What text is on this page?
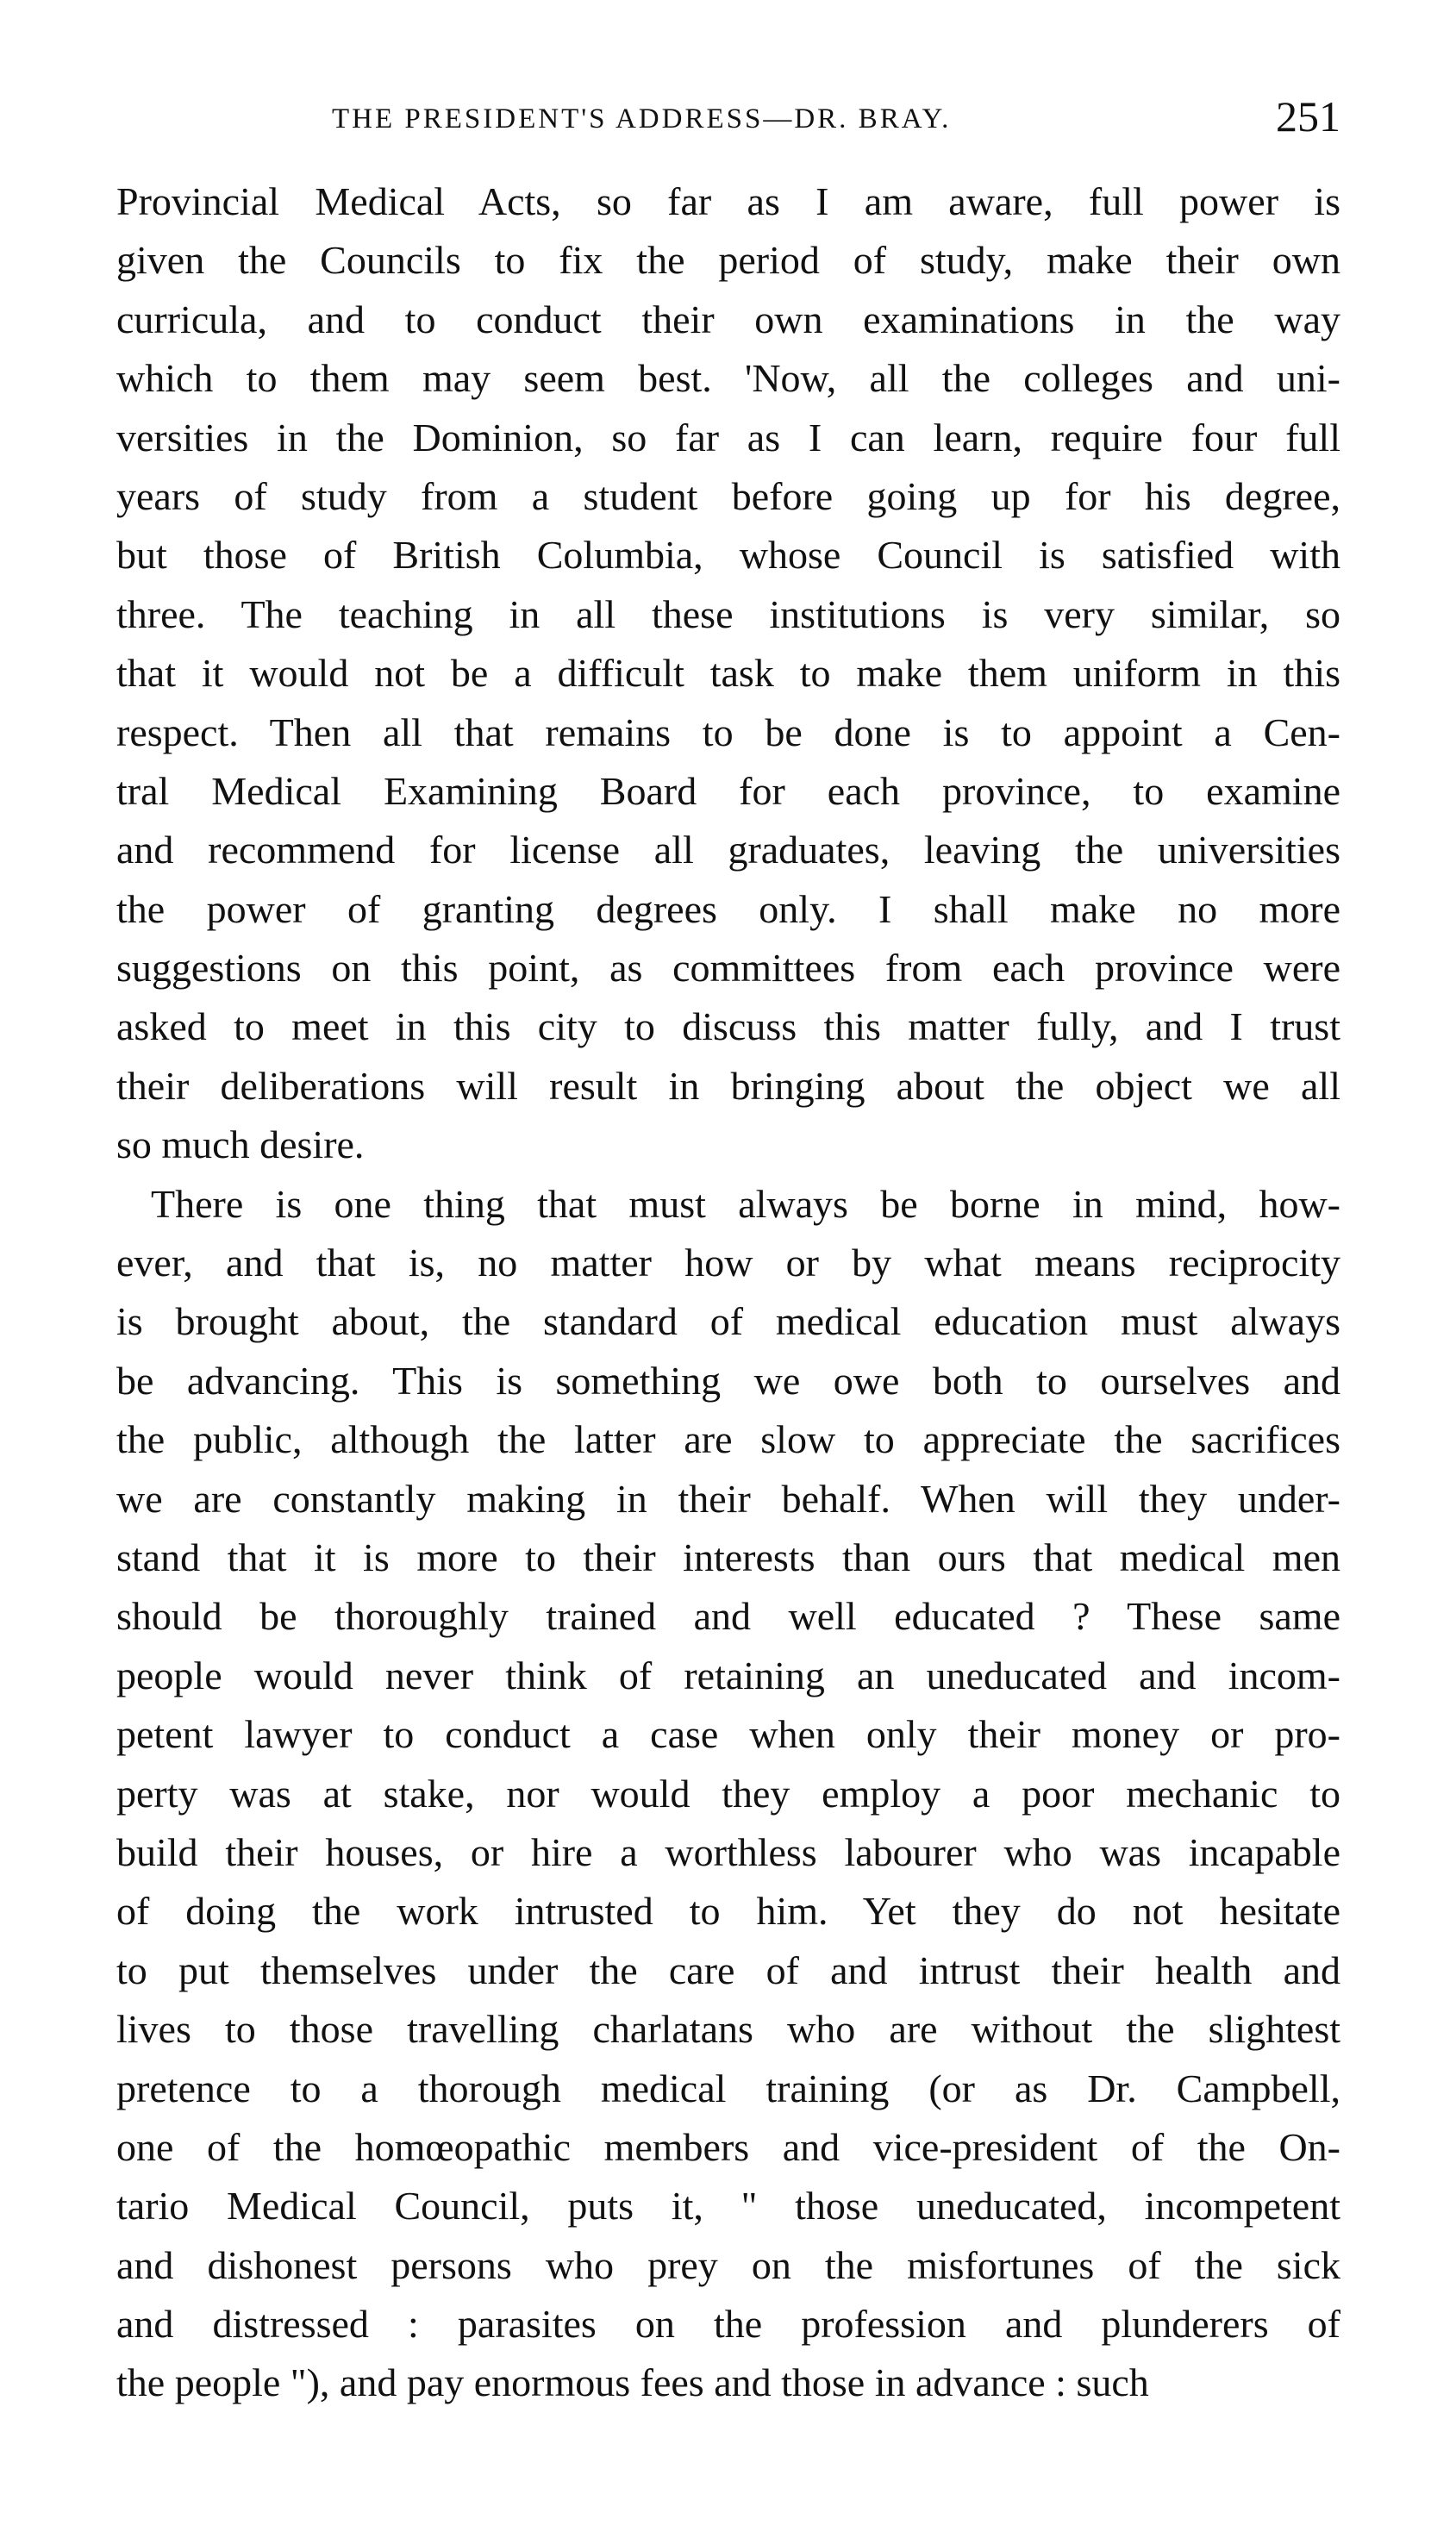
THE PRESIDENT'S ADDRESS—DR. BRAY.	251
Provincial Medical Acts, so far as I am aware, full power is
given the Councils to fix the period of study, make their own
curricula, and to conduct their own examinations in the way
which to them may seem best. 'Now, all the colleges and uni-
versities in the Dominion, so far as I can learn, require four full
years of study from a student before going up for his degree,
but those of British Columbia, whose Council is satisfied with
three. The teaching in all these institutions is very similar, so
that it would not be a difficult task to make them uniform in this
respect. Then all that remains to be done is to appoint a Cen-
tral Medical Examining Board for each province, to examine
and recommend for license all graduates, leaving the universities
the power of granting degrees only. I shall make no more
suggestions on this point, as committees from each province were
asked to meet in this city to discuss this matter fully, and I trust
their deliberations will result in bringing about the object we all
so much desire.
There is one thing that must always be borne in mind, how-
ever, and that is, no matter how or by what means reciprocity
is brought about, the standard of medical education must always
be advancing. This is something we owe both to ourselves and
the public, although the latter are slow to appreciate the sacrifices
we are constantly making in their behalf. When will they under-
stand that it is more to their interests than ours that medical men
should be thoroughly trained and well educated ? These same
people would never think of retaining an uneducated and incom-
petent lawyer to conduct a case when only their money or pro-
perty was at stake, nor would they employ a poor mechanic to
build their houses, or hire a worthless labourer who was incapable
of doing the work intrusted to him. Yet they do not hesitate
to put themselves under the care of and intrust their health and
lives to those travelling charlatans who are without the slightest
pretence to a thorough medical training (or as Dr. Campbell,
one of the homœopathic members and vice-president of the On-
tario Medical Council, puts it, " those uneducated, incompetent
and dishonest persons who prey on the misfortunes of the sick
and distressed : parasites on the profession and plunderers of
the people "), and pay enormous fees and those in advance : such
